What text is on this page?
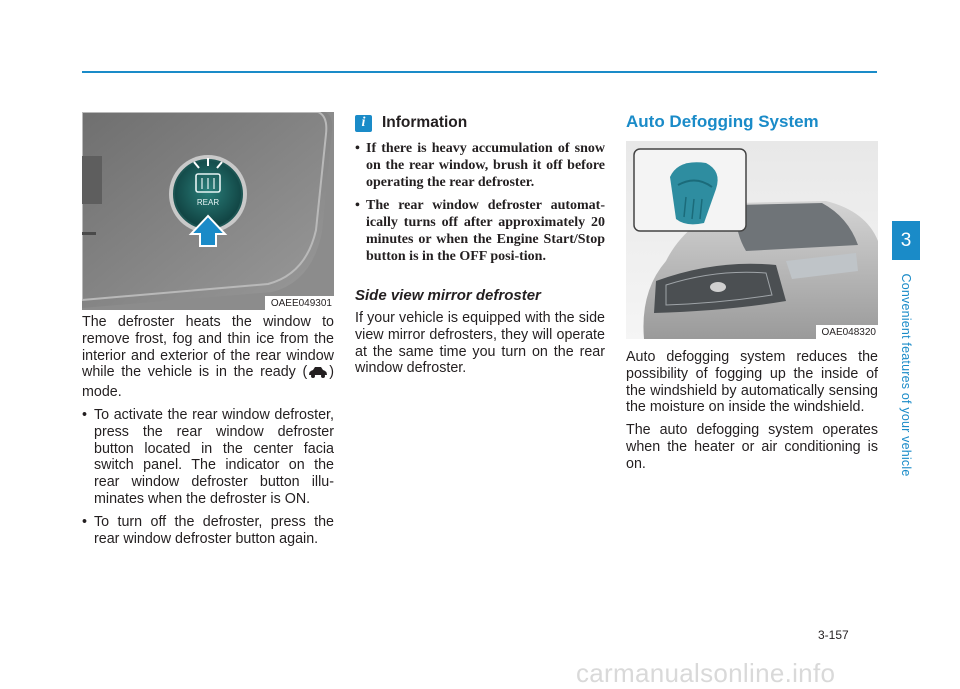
REAR
OAEE049301

The defroster heats the window to remove frost, fog and thin ice from the interior and exterior of the rear window while the vehicle is in the ready ( ) mode.

• To activate the rear window defroster, press the rear window defroster button located in the center facia switch panel. The indicator on the rear window defroster button illu-minates when the defroster is ON.
• To turn off the defroster, press the rear window defroster button again.
i	Information
• If there is heavy accumulation of snow on the rear window, brush it off before operating the rear defroster.
• The rear window defroster automat-ically turns off after approximately 20 minutes or when the Engine Start/Stop button is in the OFF posi-tion.
Side view mirror defroster

If your vehicle is equipped with the side view mirror defrosters, they will operate at the same time you turn on the rear window defroster.

Auto Defogging System
OAE048320

Auto defogging system reduces the possibility of fogging up the inside of the windshield by automatically sensing the moisture on inside the windshield.

The auto defogging system operates when the heater or air conditioning is on.

3
Convenient features of your vehicle
3-157
carmanualsonline.info
